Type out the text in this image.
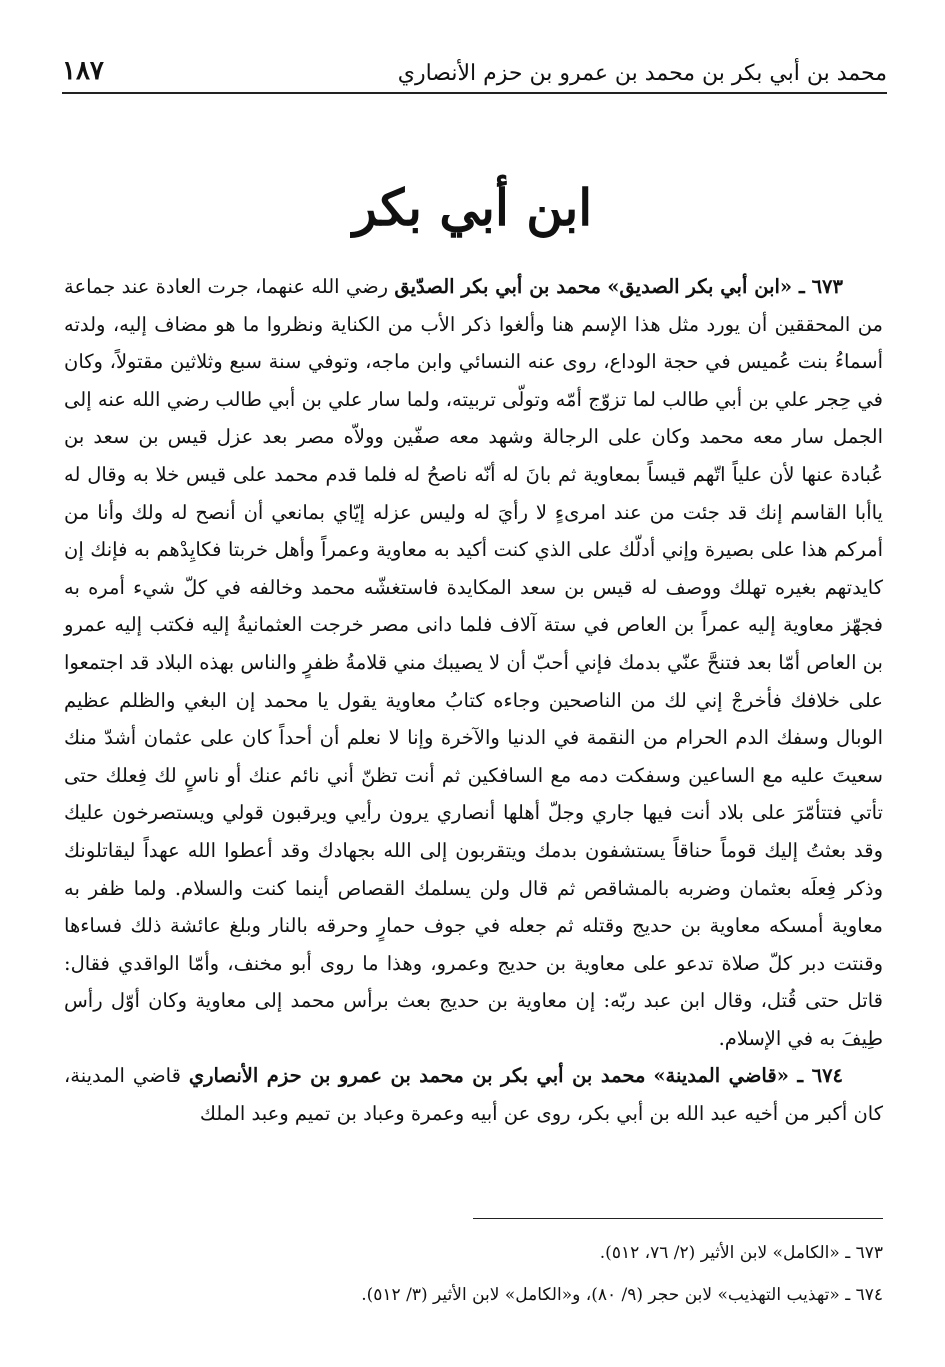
محمد بن أبي بكر بن محمد بن عمرو بن حزم الأنصاري
١٨٧
ابن أبي بكر

٦٧٣ ـ «ابن أبي بكر الصديق» محمد بن أبي بكر الصدّيق رضي الله عنهما، جرت العادة عند جماعة من المحققين أن يورد مثل هذا الإسم هنا وألغوا ذكر الأب من الكناية ونظروا ما هو مضاف إليه، ولدته أسماءُ بنت عُميس في حجة الوداع، روى عنه النسائي وابن ماجه، وتوفي سنة سبع وثلاثين مقتولاً، وكان في حِجر علي بن أبي طالب لما تزوّج أمّه وتولّى تربيته، ولما سار علي بن أبي طالب رضي الله عنه إلى الجمل سار معه محمد وكان على الرجالة وشهد معه صفّين وولاّه مصر بعد عزل قيس بن سعد بن عُبادة عنها لأن علياً اتّهم قيساً بمعاوية ثم بانَ له أنّه ناصحُ له فلما قدم محمد على قيس خلا به وقال له ياأبا القاسم إنك قد جئت من عند امرىءٍ لا رأيَ له وليس عزله إيّاي بمانعي أن أنصح له ولك وأنا من أمركم هذا على بصيرة وإني أدلّك على الذي كنت أكيد به معاوية وعمراً وأهل خربتا فكايِدْهم به فإنك إن كايدتهم بغيره تهلك ووصف له قيس بن سعد المكايدة فاستغشّه محمد وخالفه في كلّ شيء أمره به فجهّز معاوية إليه عمراً بن العاص في ستة آلاف فلما دانى مصر خرجت العثمانيةُ إليه فكتب إليه عمرو بن العاص أمّا بعد فتنحَّ عنّي بدمك فإني أحبّ أن لا يصيبك مني قلامةُ ظفرٍ والناس بهذه البلاد قد اجتمعوا على خلافك فأخرجْ إني لك من الناصحين وجاءه كتابُ معاوية يقول يا محمد إن البغي والظلم عظيم الوبال وسفك الدم الحرام من النقمة في الدنيا والآخرة وإنا لا نعلم أن أحداً كان على عثمان أشدّ منك سعيتَ عليه مع الساعين وسفكت دمه مع السافكين ثم أنت تظنّ أني نائم عنك أو ناسٍ لك فِعلك حتى تأتي فتتأمّرَ على بلاد أنت فيها جاري وجلّ أهلها أنصاري يرون رأيي ويرقبون قولي ويستصرخون عليك وقد بعثتُ إليك قوماً حناقاً يستشفون بدمك ويتقربون إلى الله بجهادك وقد أعطوا الله عهداً ليقاتلونك وذكر فِعلَه بعثمان وضربه بالمشاقص ثم قال ولن يسلمك القصاص أينما كنت والسلام. ولما ظفر به معاوية أمسكه معاوية بن حديج وقتله ثم جعله في جوف حمارٍ وحرقه بالنار وبلغ عائشة ذلك فساءها وقنتت دبر كلّ صلاة تدعو على معاوية بن حديج وعمرو، وهذا ما روى أبو مخنف، وأمّا الواقدي فقال: قاتل حتى قُتل، وقال ابن عبد ربّه: إن معاوية بن حديج بعث برأس محمد إلى معاوية وكان أوّل رأس طِيفَ به في الإسلام.

٦٧٤ ـ «قاضي المدينة» محمد بن أبي بكر بن محمد بن عمرو بن حزم الأنصاري قاضي المدينة، كان أكبر من أخيه عبد الله بن أبي بكر، روى عن أبيه وعمرة وعباد بن تميم وعبد الملك

٦٧٣ ـ «الكامل» لابن الأثير (٢/ ٧٦، ٥١٢).

٦٧٤ ـ «تهذيب التهذيب» لابن حجر (٩/ ٨٠)، و«الكامل» لابن الأثير (٣/ ٥١٢).
